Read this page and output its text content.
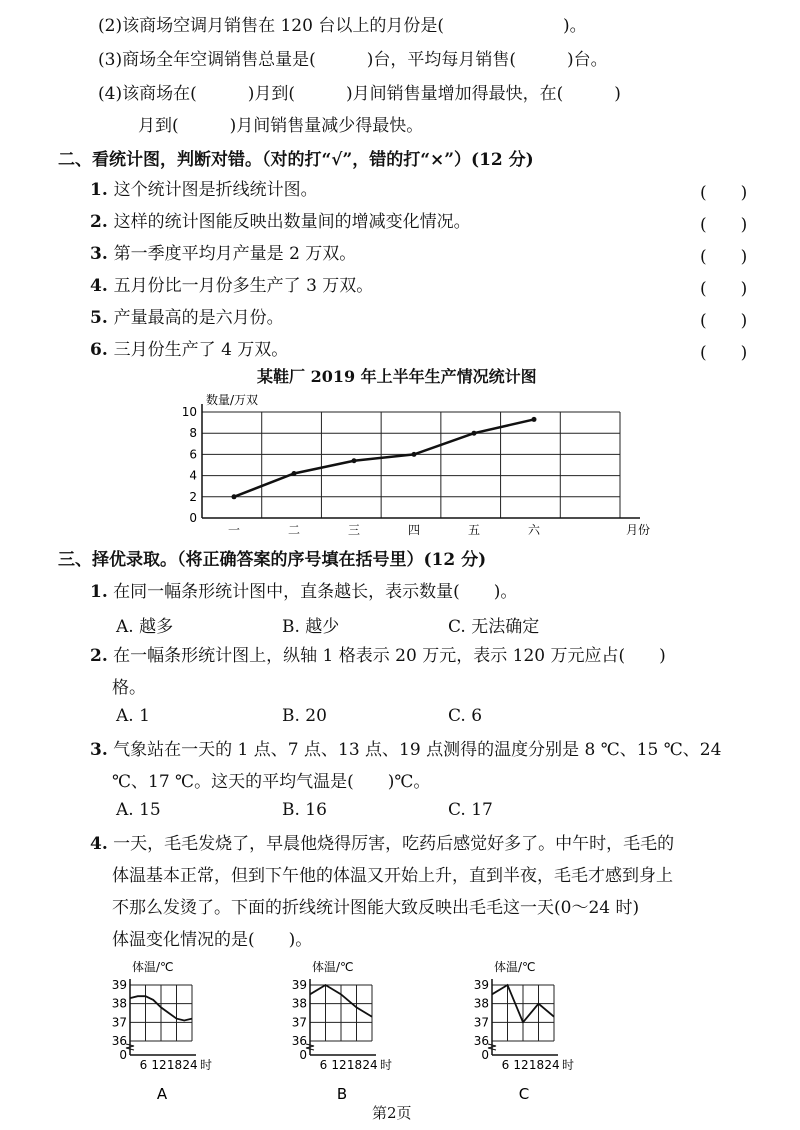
(2)该商场空调月销售在 120 台以上的月份是(　　　　　　　)。
(3)商场全年空调销售总量是(　　　)台，平均每月销售(　　　)台。
(4)该商场在(　　　)月到(　　　)月间销售量增加得最快，在(　　　)
月到(　　　)月间销售量减少得最快。
二、看统计图，判断对错。（对的打“√”，错的打“×”）(12 分)
1. 这个统计图是折线统计图。	(　　)
2. 这样的统计图能反映出数量间的增减变化情况。	(　　)
3. 第一季度平均月产量是 2 万双。	(　　)
4. 五月份比一月份多生产了 3 万双。	(　　)
5. 产量最高的是六月份。	(　　)
6. 三月份生产了 4 万双。	(　　)
某鞋厂 2019 年上半年生产情况统计图
数量/万双
0
2
4
6
8
10
一	二	三	四	五	六	月份
三、择优录取。（将正确答案的序号填在括号里）(12 分)
1. 在同一幅条形统计图中，直条越长，表示数量(　　)。
A. 越多	B. 越少	C. 无法确定
2. 在一幅条形统计图上，纵轴 1 格表示 20 万元，表示 120 万元应占(　　)
格。
A. 1	B. 20	C. 6
3. 气象站在一天的 1 点、7 点、13 点、19 点测得的温度分别是 8 ℃、15 ℃、24
℃、17 ℃。这天的平均气温是(　　)℃。
A. 15	B. 16	C. 17
4. 一天，毛毛发烧了，早晨他烧得厉害，吃药后感觉好多了。中午时，毛毛的
体温基本正常，但到下午他的体温又开始上升，直到半夜，毛毛才感到身上
不那么发烫了。下面的折线统计图能大致反映出毛毛这一天(0～24 时)
体温变化情况的是(　　)。
体温/℃
0
36
37
38
39
6 12 18 24 时
A
体温/℃
0
36
37
38
39
6 12 18 24 时
B
体温/℃
0
36
37
38
39
6 12 18 24 时
C
第2页
